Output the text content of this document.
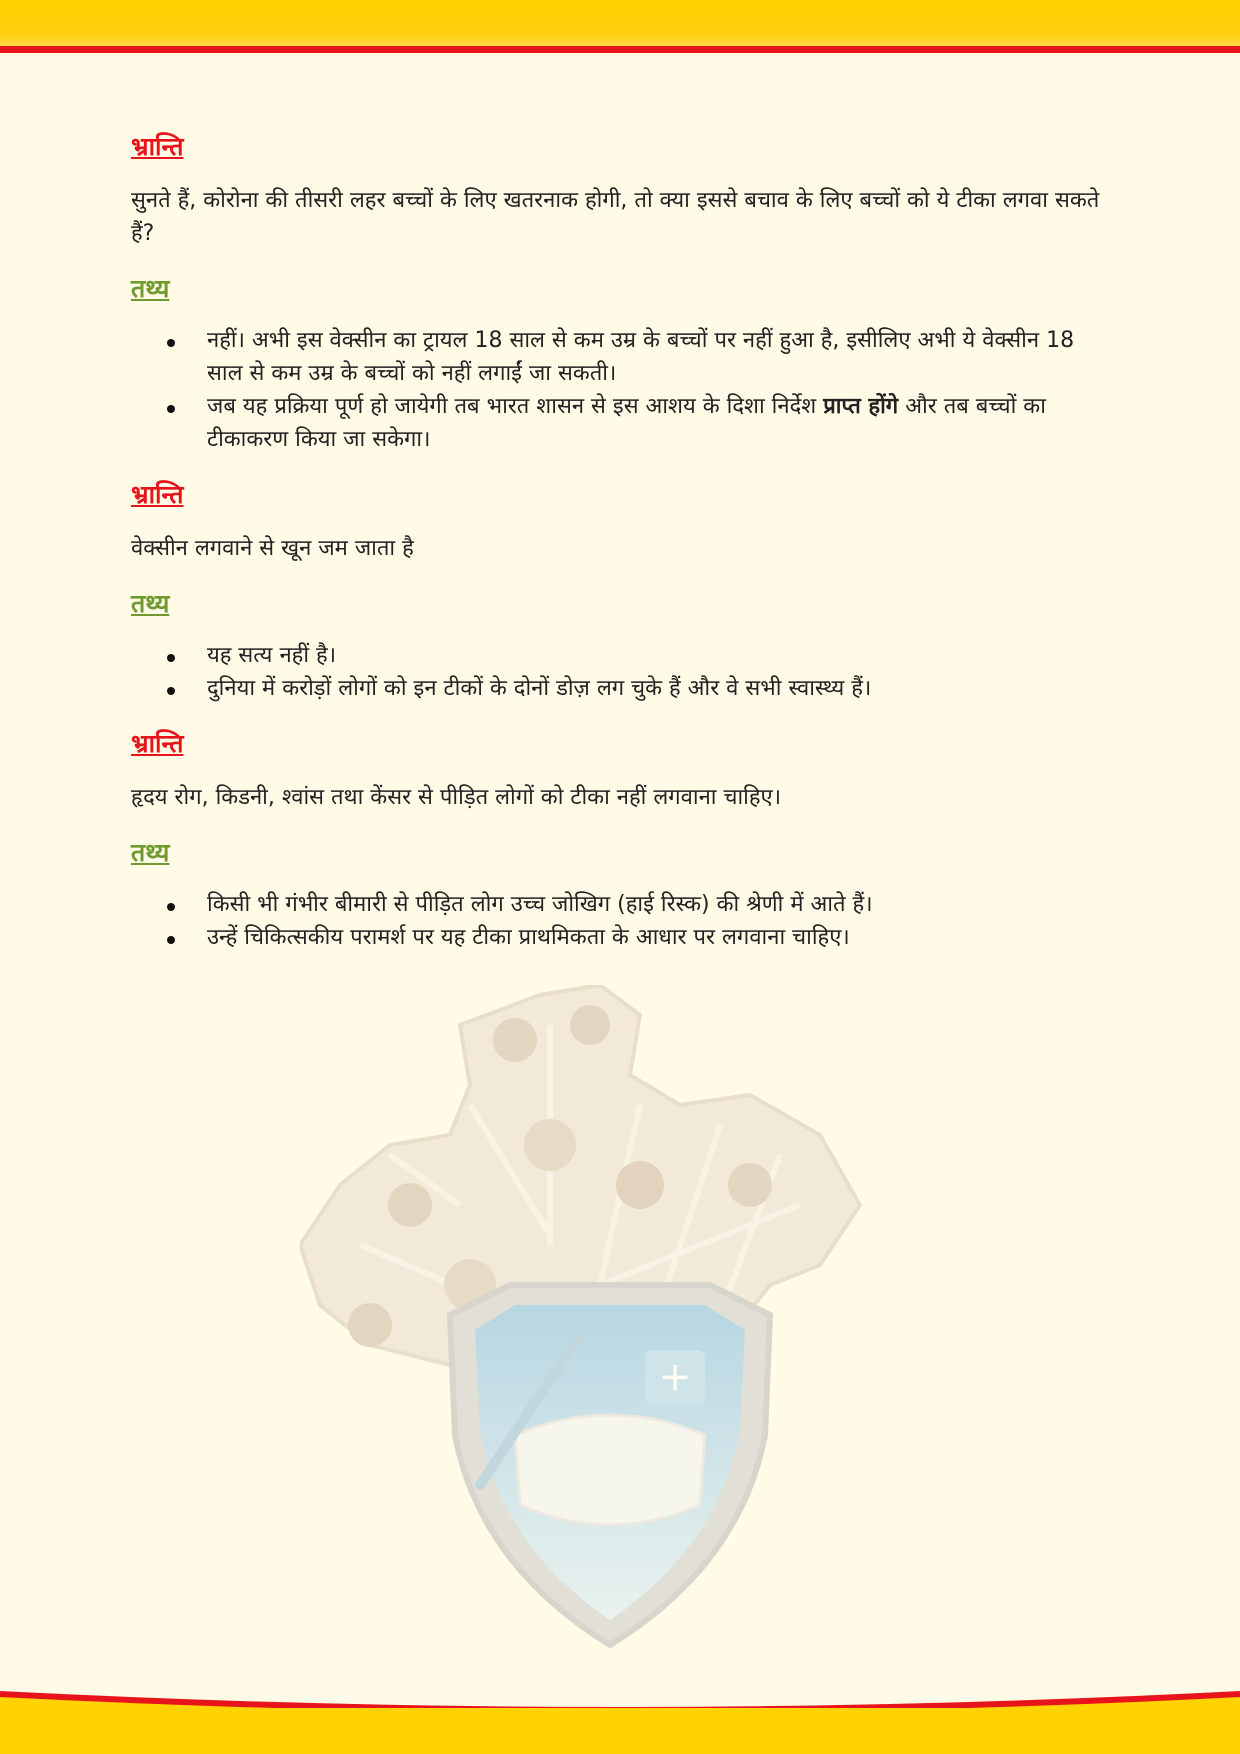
+
भ्रान्ति

सुनते हैं, कोरोना की तीसरी लहर बच्चों के लिए खतरनाक होगी, तो क्या इससे बचाव के लिए बच्चों को ये टीका लगवा सकते हैं?

तथ्य
नहीं। अभी इस वेक्सीन का ट्रायल 18 साल से कम उम्र के बच्चों पर नहीं हुआ है, इसीलिए अभी ये वेक्सीन 18 साल से कम उम्र के बच्चों को नहीं लगाईं जा सकती।
जब यह प्रक्रिया पूर्ण हो जायेगी तब भारत शासन से इस आशय के दिशा निर्देश प्राप्त होंगे और तब बच्चों का टीकाकरण किया जा सकेगा।
भ्रान्ति

वेक्सीन लगवाने से खून जम जाता है

तथ्य
यह सत्य नहीं है।
दुनिया में करोड़ों लोगों को इन टीकों के दोनों डोज़ लग चुके हैं और वे सभी स्वास्थ्य हैं।
भ्रान्ति

हृदय रोग, किडनी, श्वांस तथा केंसर से पीड़ित लोगों को टीका नहीं लगवाना चाहिए।

तथ्य
किसी भी गंभीर बीमारी से पीड़ित लोग उच्च जोखिग (हाई रिस्क) की श्रेणी में आते हैं।
उन्हें चिकित्सकीय परामर्श पर यह टीका प्राथमिकता के आधार पर लगवाना चाहिए।
